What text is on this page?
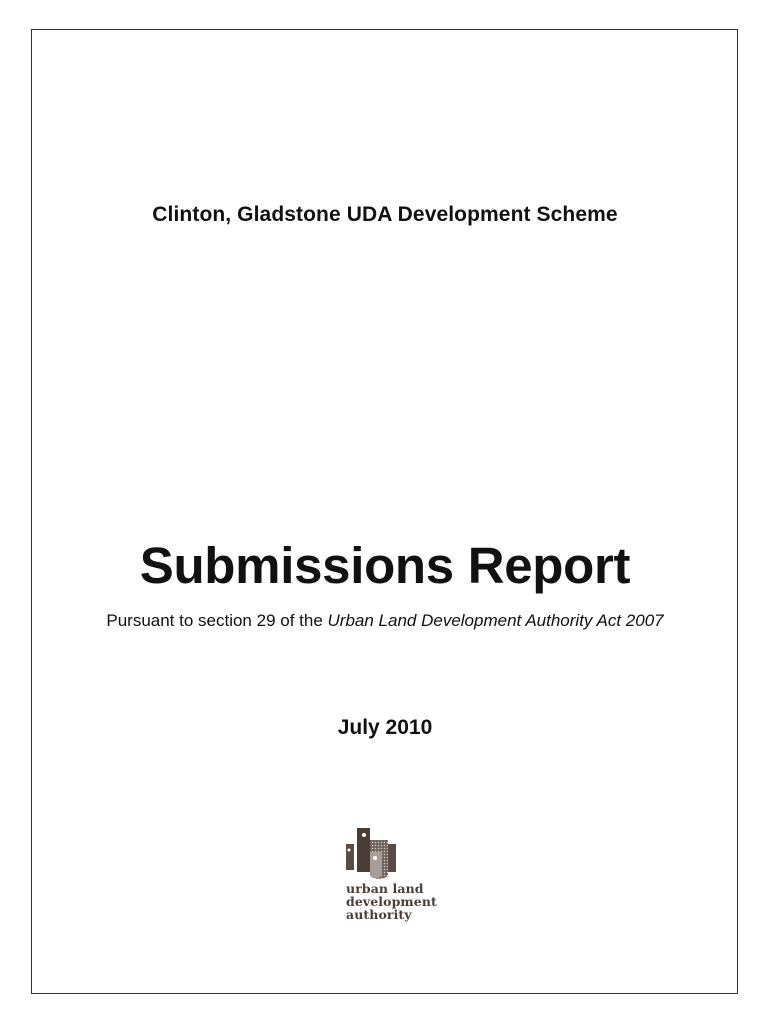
Clinton, Gladstone UDA Development Scheme
Submissions Report
Pursuant to section 29 of the Urban Land Development Authority Act 2007
July 2010
urban land
development
authority
